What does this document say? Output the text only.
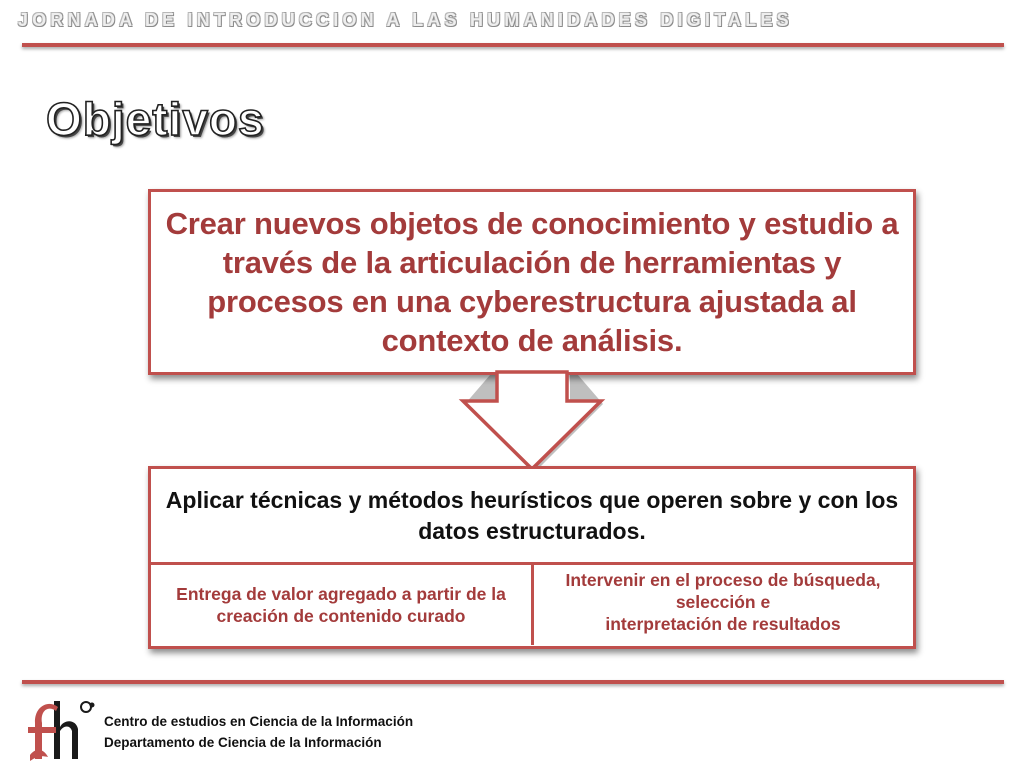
JORNADA DE INTRODUCCION A LAS HUMANIDADES DIGITALES
Objetivos
Crear nuevos objetos de conocimiento y estudio a través de la articulación de herramientas y procesos en una cyberestructura ajustada al contexto de análisis.
Aplicar técnicas y métodos heurísticos que operen sobre y con los datos estructurados.
Entrega de valor agregado a partir de la creación de contenido curado
Intervenir en el proceso de búsqueda, selección e
interpretación de resultados
Centro de estudios en Ciencia de la Información
Departamento de Ciencia de la Información
